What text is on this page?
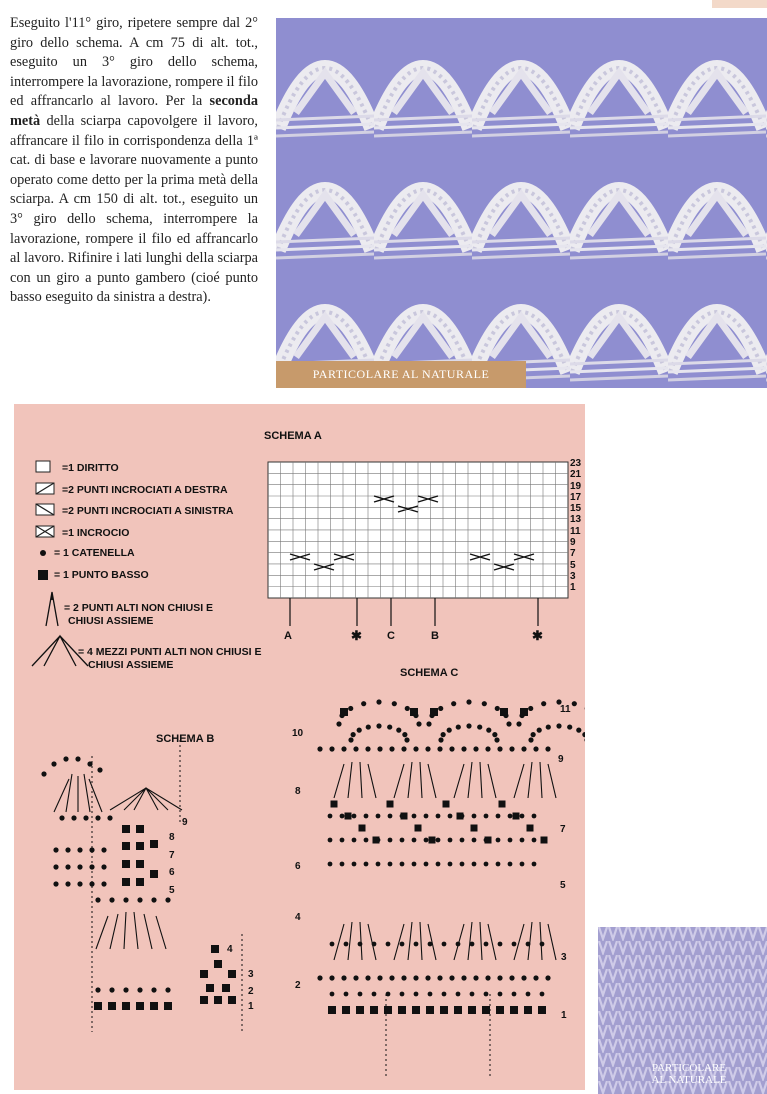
Eseguito l'11° giro, ripetere sempre dal 2° giro dello schema. A cm 75 di alt. tot., eseguito un 3° giro dello schema, interrompere la lavorazione, rompere il filo ed affrancarlo al lavoro. Per la seconda metà della sciarpa capovolgere il lavoro, affrancare il filo in corrispondenza della 1ª cat. di base e lavorare nuovamente a punto operato come detto per la prima metà della sciarpa. A cm 150 di alt. tot., eseguito un 3° giro dello schema, interrompere la lavorazione, rompere il filo ed affrancarlo al lavoro. Rifinire i lati lunghi della sciarpa con un giro a punto gambero (cioé punto basso eseguito da sinistra a destra).
PARTICOLARE AL NATURALE
SCHEMA A
=1 DIRITTO
=2 PUNTI INCROCIATI A DESTRA
=2 PUNTI INCROCIATI A SINISTRA
=1 INCROCIO
= 1 CATENELLA
= 1 PUNTO BASSO
= 2 PUNTI ALTI NON CHIUSI E
CHIUSI ASSIEME
= 4 MEZZI PUNTI ALTI NON CHIUSI E
CHIUSI ASSIEME
23
21
19
17
15
13
11
9
7
5
3
1
A	✱ C	B	✱
SCHEMA B
9
8
7
6
5
4
3
2
1
SCHEMA C
11
10
9
8
7
6
5
4
3
2
1
PARTICOLARE
AL NATURALE
